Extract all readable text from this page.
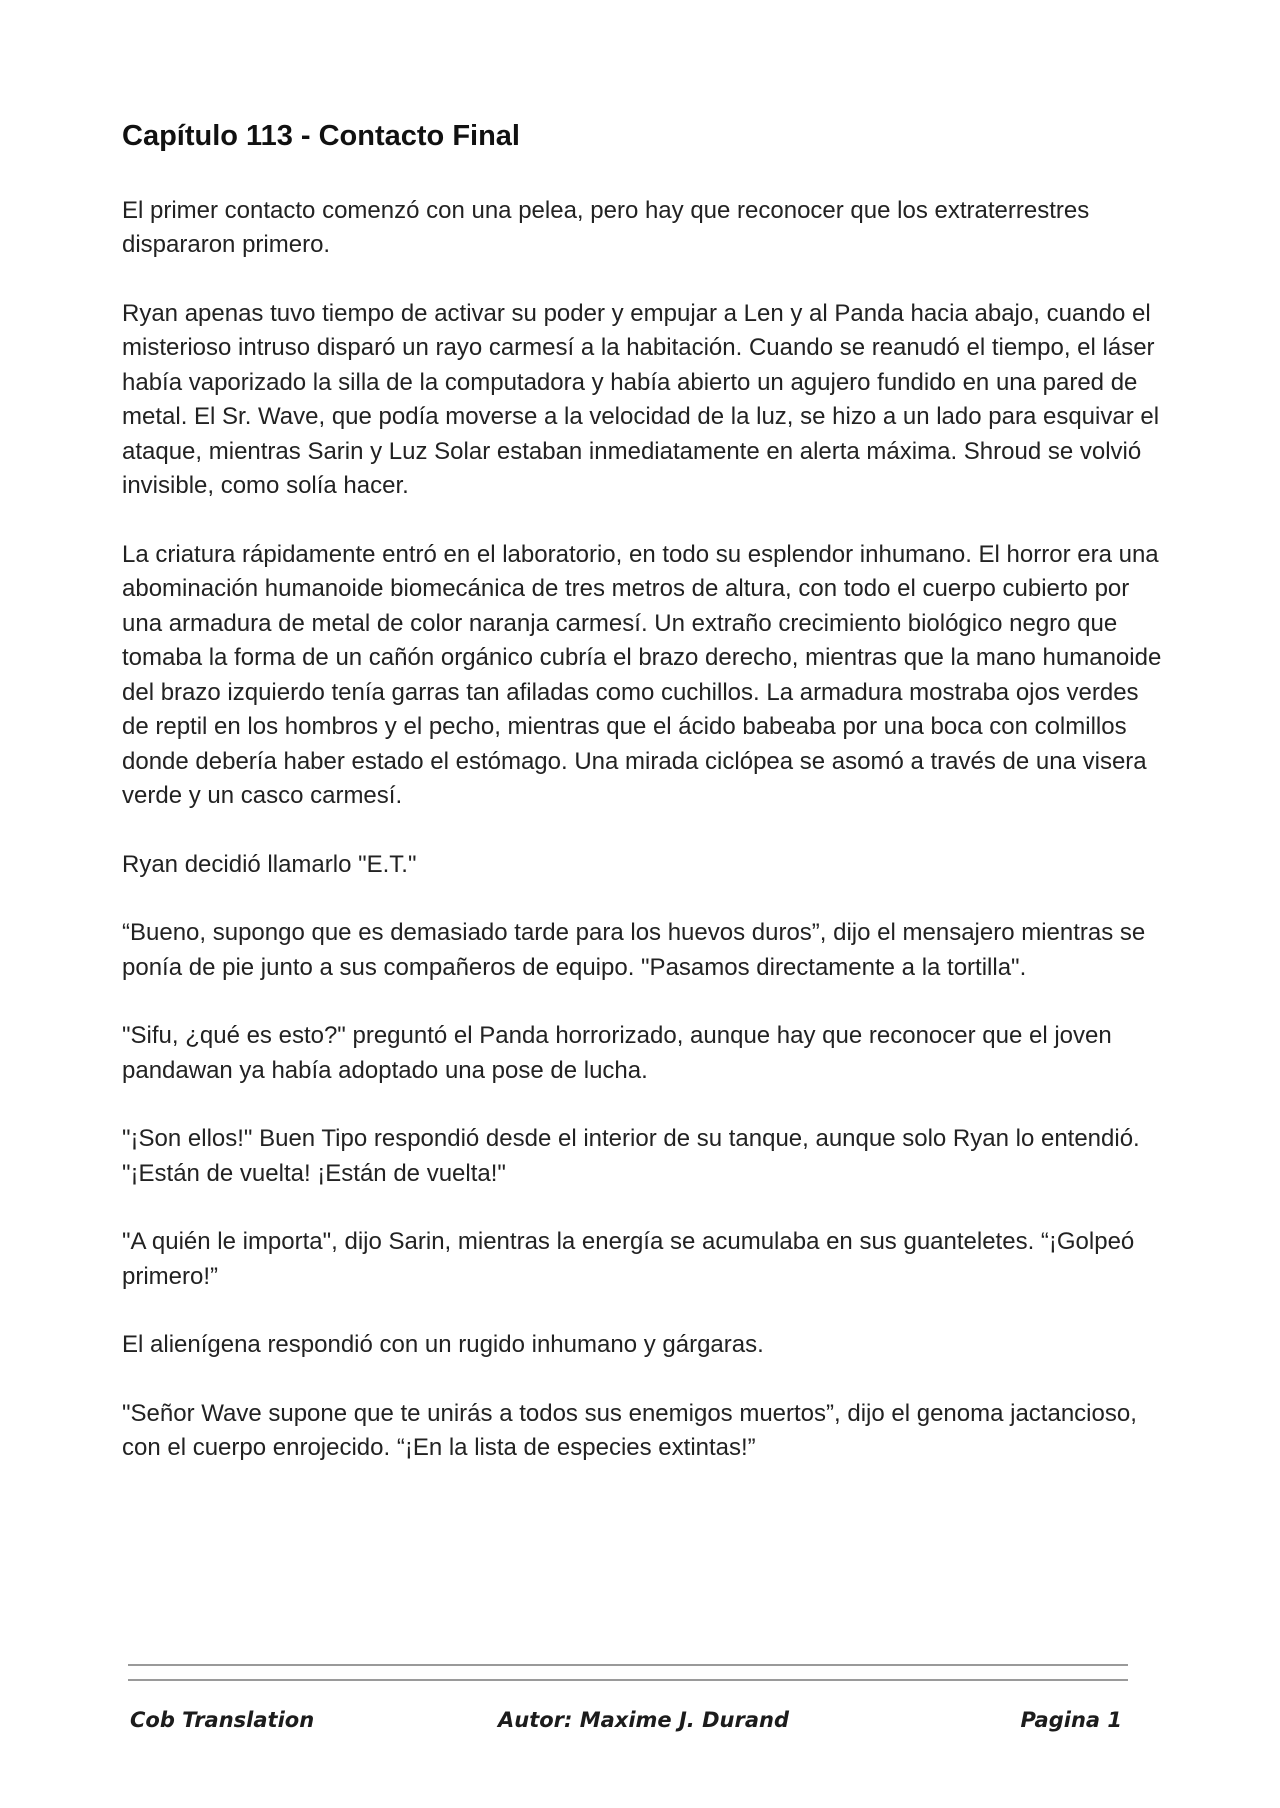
Capítulo 113 - Contacto Final

El primer contacto comenzó con una pelea, pero hay que reconocer que los extraterrestres dispararon primero.

Ryan apenas tuvo tiempo de activar su poder y empujar a Len y al Panda hacia abajo, cuando el misterioso intruso disparó un rayo carmesí a la habitación. Cuando se reanudó el tiempo, el láser había vaporizado la silla de la computadora y había abierto un agujero fundido en una pared de metal. El Sr. Wave, que podía moverse a la velocidad de la luz, se hizo a un lado para esquivar el ataque, mientras Sarin y Luz Solar estaban inmediatamente en alerta máxima. Shroud se volvió invisible, como solía hacer.

La criatura rápidamente entró en el laboratorio, en todo su esplendor inhumano. El horror era una abominación humanoide biomecánica de tres metros de altura, con todo el cuerpo cubierto por una armadura de metal de color naranja carmesí. Un extraño crecimiento biológico negro que tomaba la forma de un cañón orgánico cubría el brazo derecho, mientras que la mano humanoide del brazo izquierdo tenía garras tan afiladas como cuchillos. La armadura mostraba ojos verdes de reptil en los hombros y el pecho, mientras que el ácido babeaba por una boca con colmillos donde debería haber estado el estómago. Una mirada ciclópea se asomó a través de una visera verde y un casco carmesí.

Ryan decidió llamarlo "E.T."

“Bueno, supongo que es demasiado tarde para los huevos duros”, dijo el mensajero mientras se ponía de pie junto a sus compañeros de equipo. "Pasamos directamente a la tortilla".

"Sifu, ¿qué es esto?" preguntó el Panda horrorizado, aunque hay que reconocer que el joven pandawan ya había adoptado una pose de lucha.

"¡Son ellos!" Buen Tipo respondió desde el interior de su tanque, aunque solo Ryan lo entendió. "¡Están de vuelta! ¡Están de vuelta!"

"A quién le importa", dijo Sarin, mientras la energía se acumulaba en sus guanteletes. “¡Golpeó primero!”

El alienígena respondió con un rugido inhumano y gárgaras.

"Señor Wave supone que te unirás a todos sus enemigos muertos”, dijo el genoma jactancioso, con el cuerpo enrojecido. “¡En la lista de especies extintas!”

Cob Translation	Autor: Maxime J. Durand	Pagina 1
